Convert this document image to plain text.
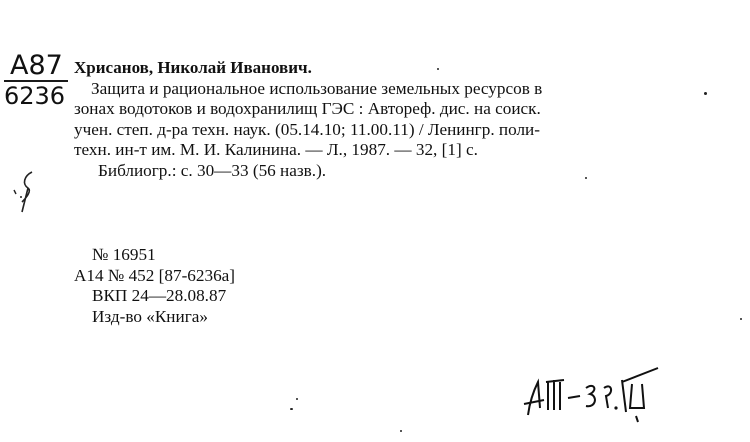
A87
6236
Хрисанов, Николай Иванович.
Защита и рациональное использование земельных ресурсов в
зонах водотоков и водохранилищ ГЭС : Автореф. дис. на соиск.
учен. степ. д-ра техн. наук. (05.14.10; 11.00.11) / Ленингр. поли-
техн. ин-т им. М. И. Калинина. — Л., 1987. — 32, [1] с.
Библиогр.: с. 30—33 (56 назв.).
№ 16951
А14 № 452 [87-6236а]
ВКП 24—28.08.87
Изд-во «Книга»
